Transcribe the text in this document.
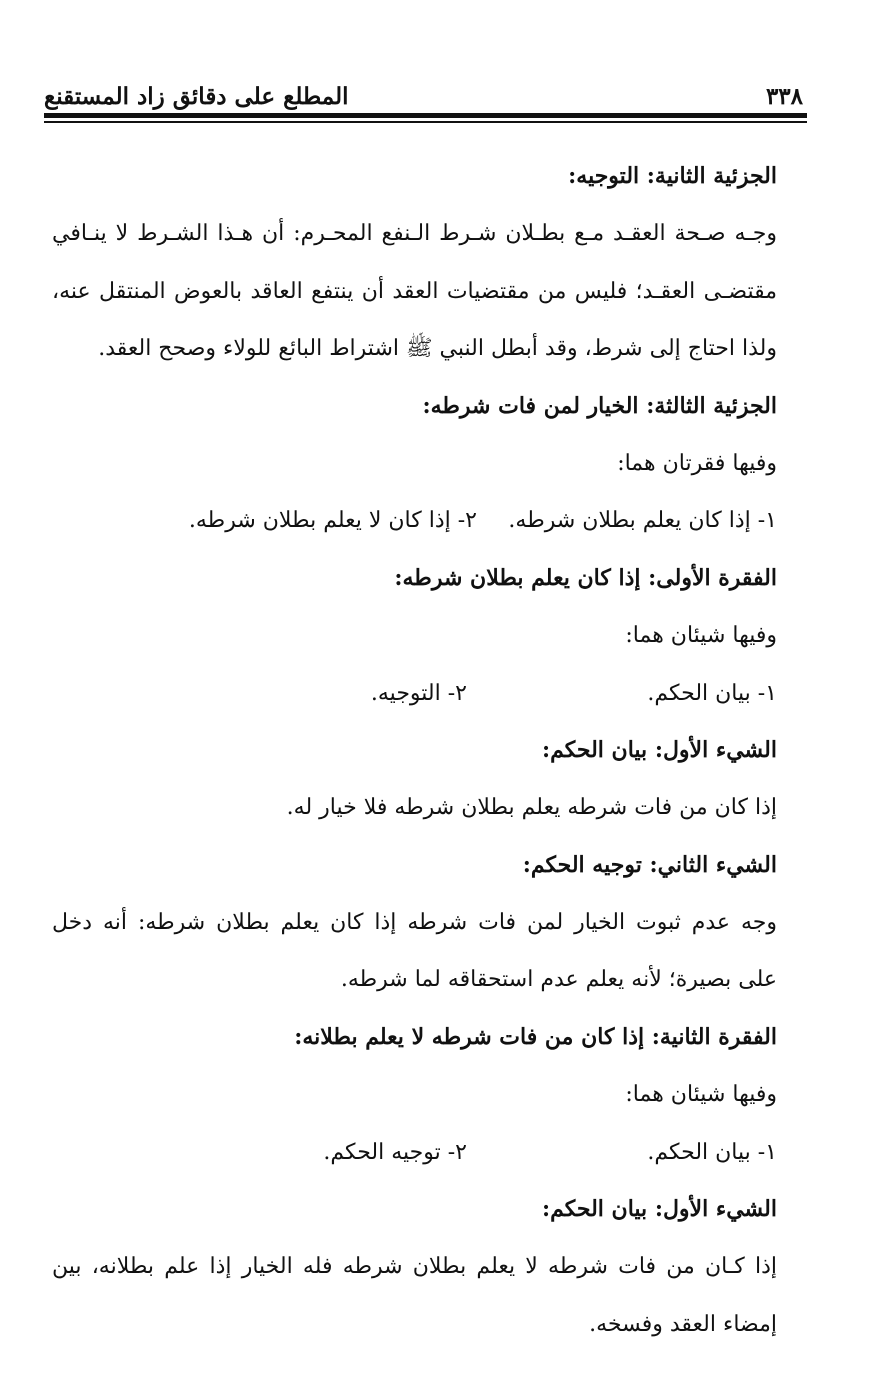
٣٣٨
المطلع على دقائق زاد المستقنع
الجزئية الثانية: التوجيه:
وجـه صـحة العقـد مـع بطـلان شـرط الـنفع المحـرم: أن هـذا الشـرط لا ينـافي
مقتضـى العقـد؛ فليس من مقتضيات العقد أن ينتفع العاقد بالعوض المنتقل عنه،
ولذا احتاج إلى شرط، وقد أبطل النبي ﷺ اشتراط البائع للولاء وصحح العقد.
الجزئية الثالثة: الخيار لمن فات شرطه:
وفيها فقرتان هما:
١- إذا كان يعلم بطلان شرطه.
٢- إذا كان لا يعلم بطلان شرطه.
الفقرة الأولى: إذا كان يعلم بطلان شرطه:
وفيها شيئان هما:
١- بيان الحكم.
٢- التوجيه.
الشيء الأول: بيان الحكم:
إذا كان من فات شرطه يعلم بطلان شرطه فلا خيار له.
الشيء الثاني: توجيه الحكم:
وجه عدم ثبوت الخيار لمن فات شرطه إذا كان يعلم بطلان شرطه: أنه دخل
على بصيرة؛ لأنه يعلم عدم استحقاقه لما شرطه.
الفقرة الثانية: إذا كان من فات شرطه لا يعلم بطلانه:
وفيها شيئان هما:
١- بيان الحكم.
٢- توجيه الحكم.
الشيء الأول: بيان الحكم:
إذا كـان من فات شرطه لا يعلم بطلان شرطه فله الخيار إذا علم بطلانه، بين
إمضاء العقد وفسخه.
